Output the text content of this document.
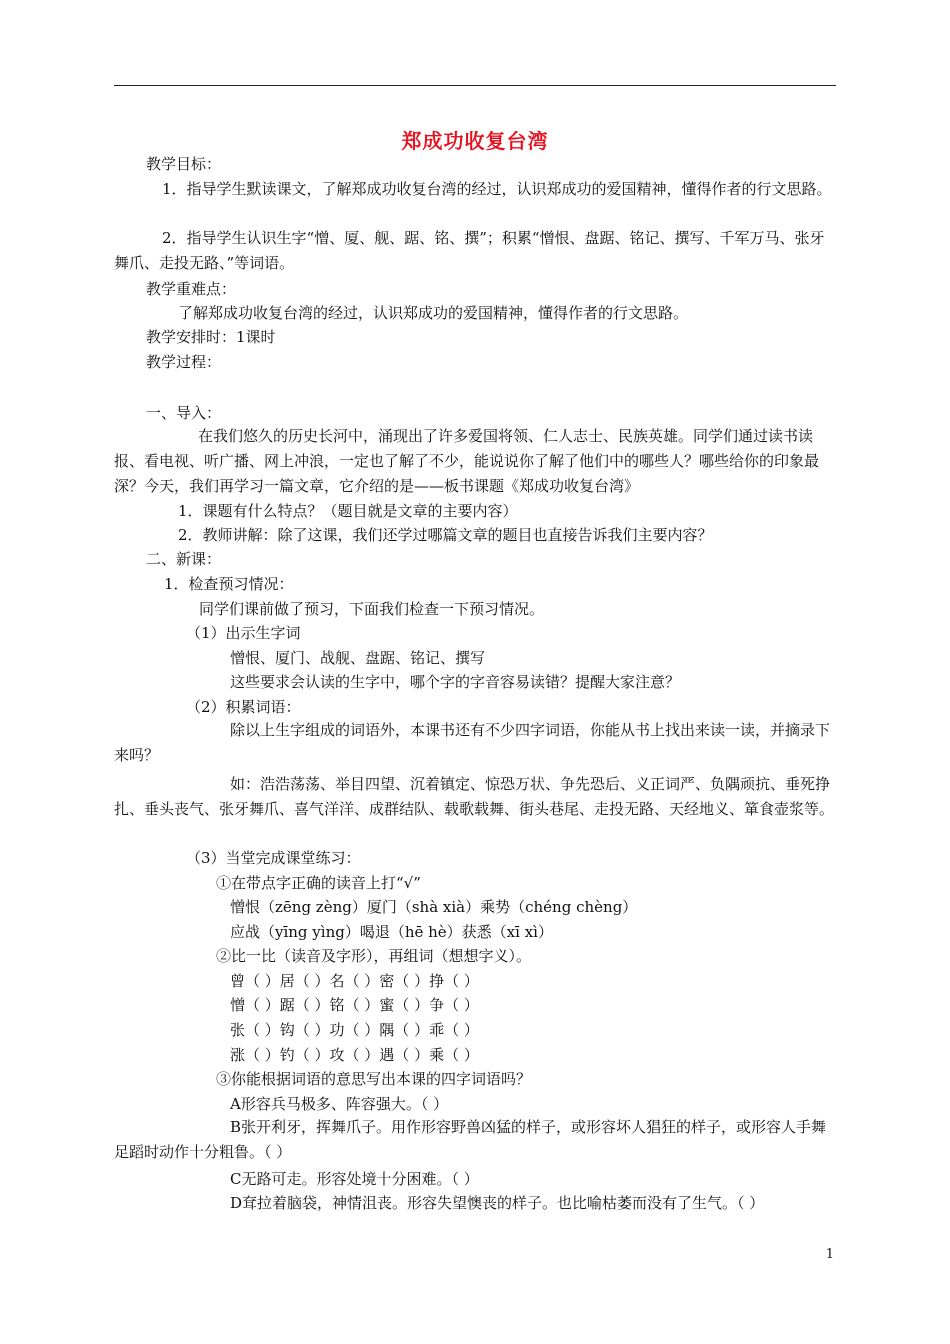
郑成功收复台湾
教学目标：
1．指导学生默读课文，了解郑成功收复台湾的经过，认识郑成功的爱国精神，懂得作者的行文思路。
2．指导学生认识生字“憎、厦、舰、踞、铭、撰”；积累“憎恨、盘踞、铭记、撰写、千军万马、张牙舞爪、走投无路、”等词语。
教学重难点：
了解郑成功收复台湾的经过，认识郑成功的爱国精神，懂得作者的行文思路。
教学安排时：1课时
教学过程：
一、导入：
在我们悠久的历史长河中，涌现出了许多爱国将领、仁人志士、民族英雄。同学们通过读书读报、看电视、听广播、网上冲浪，一定也了解了不少，能说说你了解了他们中的哪些人？哪些给你的印象最深？今天，我们再学习一篇文章，它介绍的是——板书课题《郑成功收复台湾》
1．课题有什么特点？（题目就是文章的主要内容）
2．教师讲解：除了这课，我们还学过哪篇文章的题目也直接告诉我们主要内容？
二、新课：
1．检查预习情况：
同学们课前做了预习，下面我们检查一下预习情况。
（1）出示生字词
憎恨、厦门、战舰、盘踞、铭记、撰写
这些要求会认读的生字中，哪个字的字音容易读错？提醒大家注意？
（2）积累词语：
除以上生字组成的词语外，本课书还有不少四字词语，你能从书上找出来读一读，并摘录下来吗？
如：浩浩荡荡、举目四望、沉着镇定、惊恐万状、争先恐后、义正词严、负隅顽抗、垂死挣扎、垂头丧气、张牙舞爪、喜气洋洋、成群结队、载歌载舞、街头巷尾、走投无路、天经地义、箪食壶浆等。
（3）当堂完成课堂练习：
①在带点字正确的读音上打“√”
憎恨（zēng zèng）厦门（shà xià）乘势（chéng chèng）
应战（yīng yìng）喝退（hē hè）获悉（xī xì）
②比一比（读音及字形），再组词（想想字义）。
曾（ ）居（ ）名（ ）密（ ）挣（ ）
憎（ ）踞（ ）铭（ ）蜜（ ）争（ ）
张（ ）钩（ ）功（ ）隅（ ）乖（ ）
涨（ ）钓（ ）攻（ ）遇（ ）乘（ ）
③你能根据词语的意思写出本课的四字词语吗？
A形容兵马极多、阵容强大。（ ）
B张开利牙，挥舞爪子。用作形容野兽凶猛的样子，或形容坏人猖狂的样子，或形容人手舞足蹈时动作十分粗鲁。（ ）
C无路可走。形容处境十分困难。（ ）
D耷拉着脑袋，神情沮丧。形容失望懊丧的样子。也比喻枯萎而没有了生气。（ ）
1
